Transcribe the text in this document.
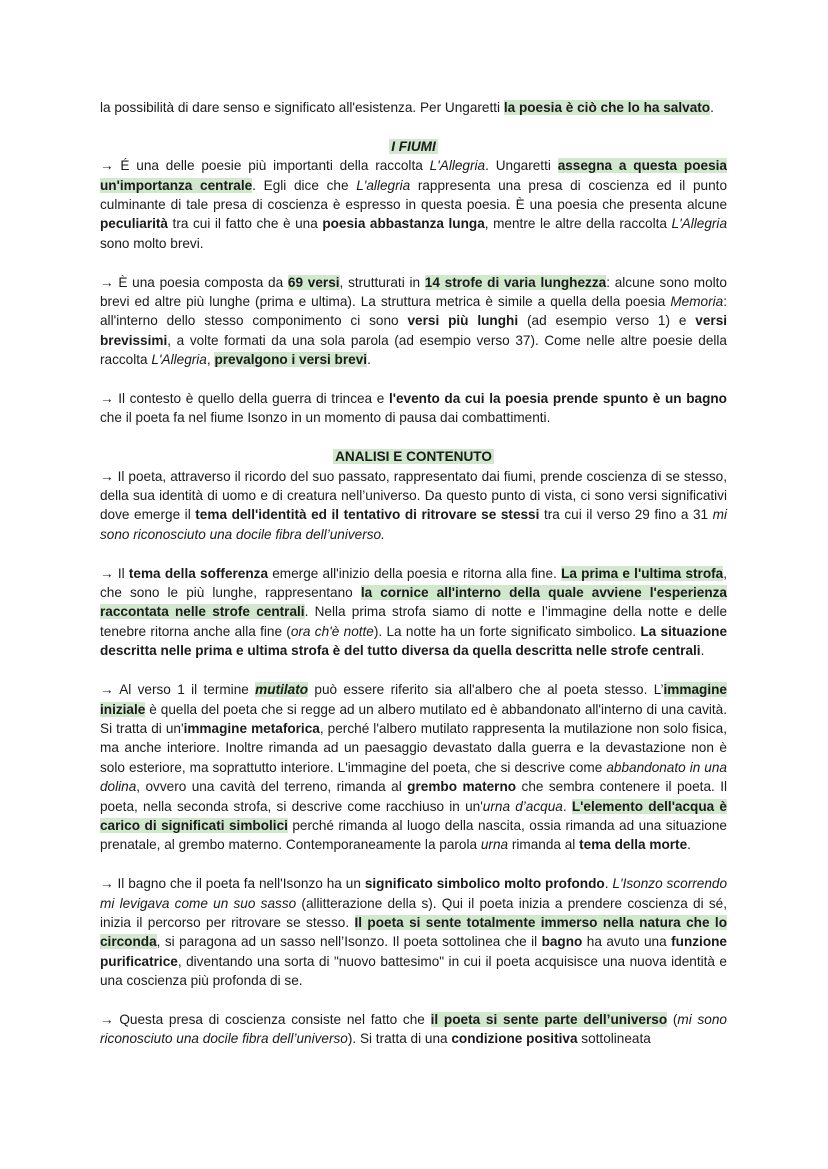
la possibilità di dare senso e significato all'esistenza. Per Ungaretti la poesia è ciò che lo ha salvato.

I FIUMI

→ É una delle poesie più importanti della raccolta L'Allegria. Ungaretti assegna a questa poesia un'importanza centrale. Egli dice che L'allegria rappresenta una presa di coscienza ed il punto culminante di tale presa di coscienza è espresso in questa poesia. È una poesia che presenta alcune peculiarità tra cui il fatto che è una poesia abbastanza lunga, mentre le altre della raccolta L'Allegria sono molto brevi.

→ È una poesia composta da 69 versi, strutturati in 14 strofe di varia lunghezza: alcune sono molto brevi ed altre più lunghe (prima e ultima). La struttura metrica è simile a quella della poesia Memoria: all'interno dello stesso componimento ci sono versi più lunghi (ad esempio verso 1) e versi brevissimi, a volte formati da una sola parola (ad esempio verso 37). Come nelle altre poesie della raccolta L'Allegria, prevalgono i versi brevi.

→ Il contesto è quello della guerra di trincea e l'evento da cui la poesia prende spunto è un bagno che il poeta fa nel fiume Isonzo in un momento di pausa dai combattimenti.

ANALISI E CONTENUTO

→ Il poeta, attraverso il ricordo del suo passato, rappresentato dai fiumi, prende coscienza di se stesso, della sua identità di uomo e di creatura nell’universo. Da questo punto di vista, ci sono versi significativi dove emerge il tema dell'identità ed il tentativo di ritrovare se stessi tra cui il verso 29 fino a 31 mi sono riconosciuto una docile fibra dell’universo.

→ Il tema della sofferenza emerge all'inizio della poesia e ritorna alla fine. La prima e l'ultima strofa, che sono le più lunghe, rappresentano la cornice all'interno della quale avviene l'esperienza raccontata nelle strofe centrali. Nella prima strofa siamo di notte e l’immagine della notte e delle tenebre ritorna anche alla fine (ora ch'è notte). La notte ha un forte significato simbolico. La situazione descritta nelle prima e ultima strofa è del tutto diversa da quella descritta nelle strofe centrali.

→ Al verso 1 il termine mutilato può essere riferito sia all'albero che al poeta stesso. L’immagine iniziale è quella del poeta che si regge ad un albero mutilato ed è abbandonato all'interno di una cavità. Si tratta di un'immagine metaforica, perché l'albero mutilato rappresenta la mutilazione non solo fisica, ma anche interiore. Inoltre rimanda ad un paesaggio devastato dalla guerra e la devastazione non è solo esteriore, ma soprattutto interiore. L'immagine del poeta, che si descrive come abbandonato in una dolina, ovvero una cavità del terreno, rimanda al grembo materno che sembra contenere il poeta. Il poeta, nella seconda strofa, si descrive come racchiuso in un'urna d’acqua. L'elemento dell'acqua è carico di significati simbolici perché rimanda al luogo della nascita, ossia rimanda ad una situazione prenatale, al grembo materno. Contemporaneamente la parola urna rimanda al tema della morte.

→ Il bagno che il poeta fa nell'Isonzo ha un significato simbolico molto profondo. L'Isonzo scorrendo mi levigava come un suo sasso (allitterazione della s). Qui il poeta inizia a prendere coscienza di sé, inizia il percorso per ritrovare se stesso. Il poeta si sente totalmente immerso nella natura che lo circonda, si paragona ad un sasso nell’Isonzo. Il poeta sottolinea che il bagno ha avuto una funzione purificatrice, diventando una sorta di "nuovo battesimo" in cui il poeta acquisisce una nuova identità e una coscienza più profonda di se.

→ Questa presa di coscienza consiste nel fatto che il poeta si sente parte dell’universo (mi sono riconosciuto una docile fibra dell’universo). Si tratta di una condizione positiva sottolineata
